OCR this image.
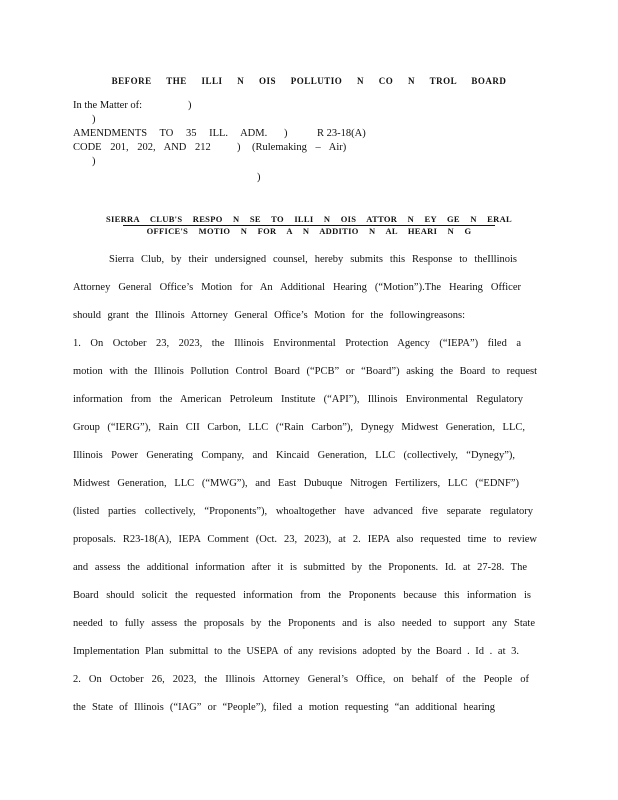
BEFORE THE ILLI N OIS POLLUTIO N CO N TROL BOARD
In the Matter of:	)
)
AMENDMENTS TO 35 ILL. ADM. )	R 23-18(A)
CODE 201, 202, AND 212 ) (Rulemaking – Air)
)
)
SIERRA CLUB'S RESPO N SE TO ILLI N OIS ATTOR N EY GE N ERAL
OFFICE'S MOTIO N FOR A N ADDITIO N AL HEARI N G
Sierra Club, by their undersigned counsel, hereby submits this Response to theIllinois
Attorney General Office’s Motion for An Additional Hearing (“Motion”).The Hearing Officer
should grant the Illinois Attorney General Office’s Motion for the followingreasons:
1. On October 23, 2023, the Illinois Environmental Protection Agency (“IEPA”) filed a
motion with the Illinois Pollution Control Board (“PCB” or “Board”) asking the Board to request
information from the American Petroleum Institute (“API”), Illinois Environmental Regulatory
Group (“IERG”), Rain CII Carbon, LLC (“Rain Carbon”), Dynegy Midwest Generation, LLC,
Illinois Power Generating Company, and Kincaid Generation, LLC (collectively, “Dynegy”),
Midwest Generation, LLC (“MWG”), and East Dubuque Nitrogen Fertilizers, LLC (“EDNF”)
(listed parties collectively, “Proponents”), whoaltogether have advanced five separate regulatory
proposals. R23-18(A), IEPA Comment (Oct. 23, 2023), at 2. IEPA also requested time to review
and assess the additional information after it is submitted by the Proponents. Id. at 27-28. The
Board should solicit the requested information from the Proponents because this information is
needed to fully assess the proposals by the Proponents and is also needed to support any State
Implementation Plan submittal to the USEPA of any revisions adopted by the Board . Id . at 3.
2. On October 26, 2023, the Illinois Attorney General’s Office, on behalf of the People of
the State of Illinois (“IAG” or “People”), filed a motion requesting “an additional hearing
